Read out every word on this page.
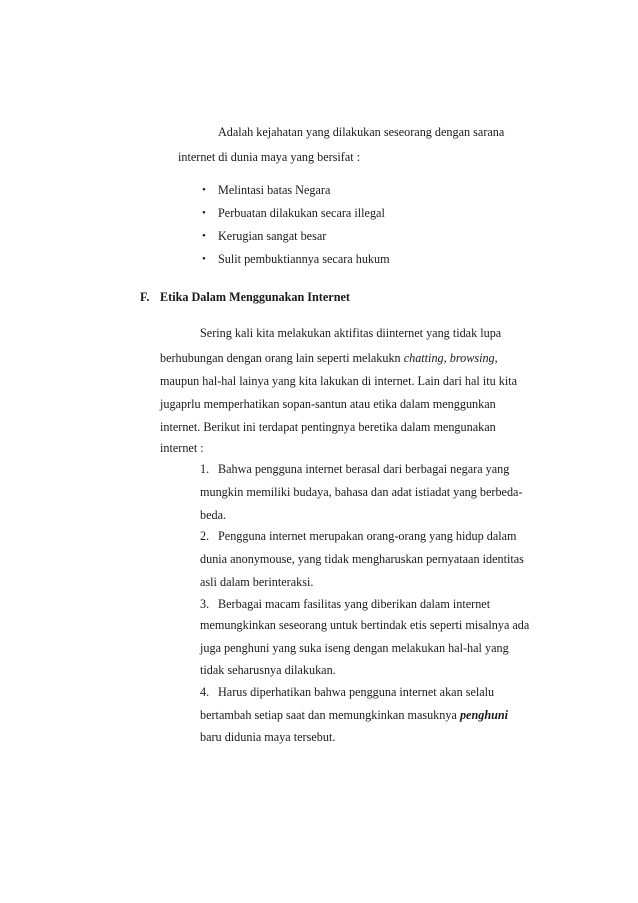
Adalah kejahatan yang dilakukan seseorang dengan sarana
internet di dunia maya yang bersifat :
• Melintasi batas Negara
• Perbuatan dilakukan secara illegal
• Kerugian sangat besar
• Sulit pembuktiannya secara hukum
F. Etika Dalam Menggunakan Internet
Sering kali kita melakukan aktifitas diinternet yang tidak lupa
berhubungan dengan orang lain seperti melakukn chatting, browsing,
maupun hal-hal lainya yang kita lakukan di internet. Lain dari hal itu kita
jugaprlu memperhatikan sopan-santun atau etika dalam menggunkan
internet. Berikut ini terdapat pentingnya beretika dalam mengunakan
internet :
1. Bahwa pengguna internet berasal dari berbagai negara yang
mungkin memiliki budaya, bahasa dan adat istiadat yang berbeda-
beda.
2. Pengguna internet merupakan orang-orang yang hidup dalam
dunia anonymouse, yang tidak mengharuskan pernyataan identitas
asli dalam berinteraksi.
3. Berbagai macam fasilitas yang diberikan dalam internet
memungkinkan seseorang untuk bertindak etis seperti misalnya ada
juga penghuni yang suka iseng dengan melakukan hal-hal yang
tidak seharusnya dilakukan.
4. Harus diperhatikan bahwa pengguna internet akan selalu
bertambah setiap saat dan memungkinkan masuknya penghuni
baru didunia maya tersebut.
